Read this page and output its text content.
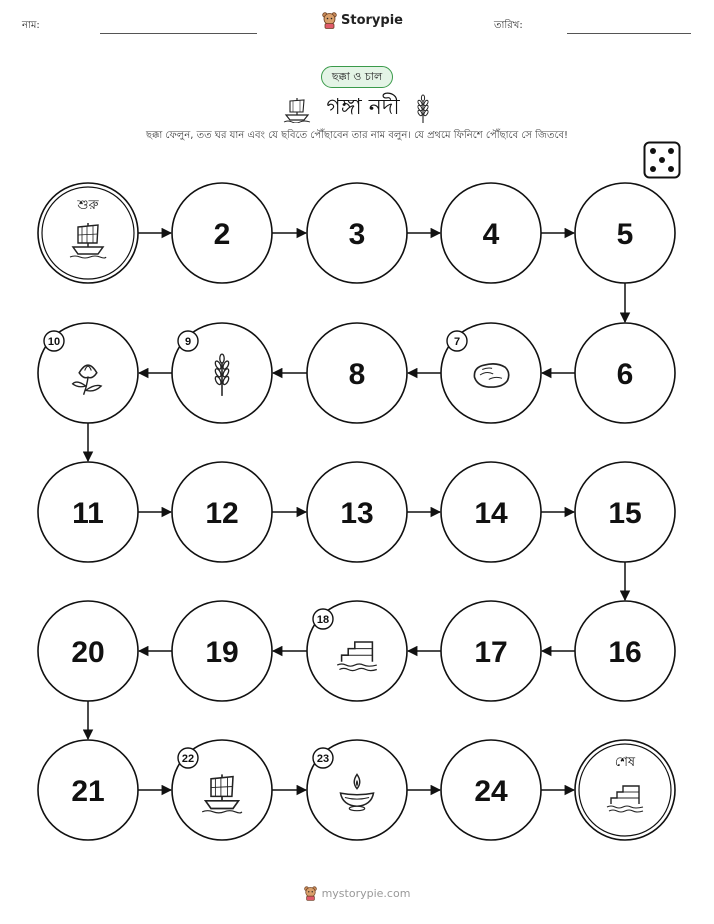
নাম:	Storypie	তারিখ:
ছক্কা ও চাল
গঙ্গা নদী
ছক্কা ফেলুন, তত ঘর যান এবং যে ছবিতে পৌঁছাবেন তার নাম বলুন। যে প্রথমে ফিনিশে পৌঁছাবে সে জিতবে!
শুরু
2	3	4	5
6
7
8
9
10
11	12	13	14	15
16
17
18
19
20
21
22	23
24
শেষ
mystorypie.com
